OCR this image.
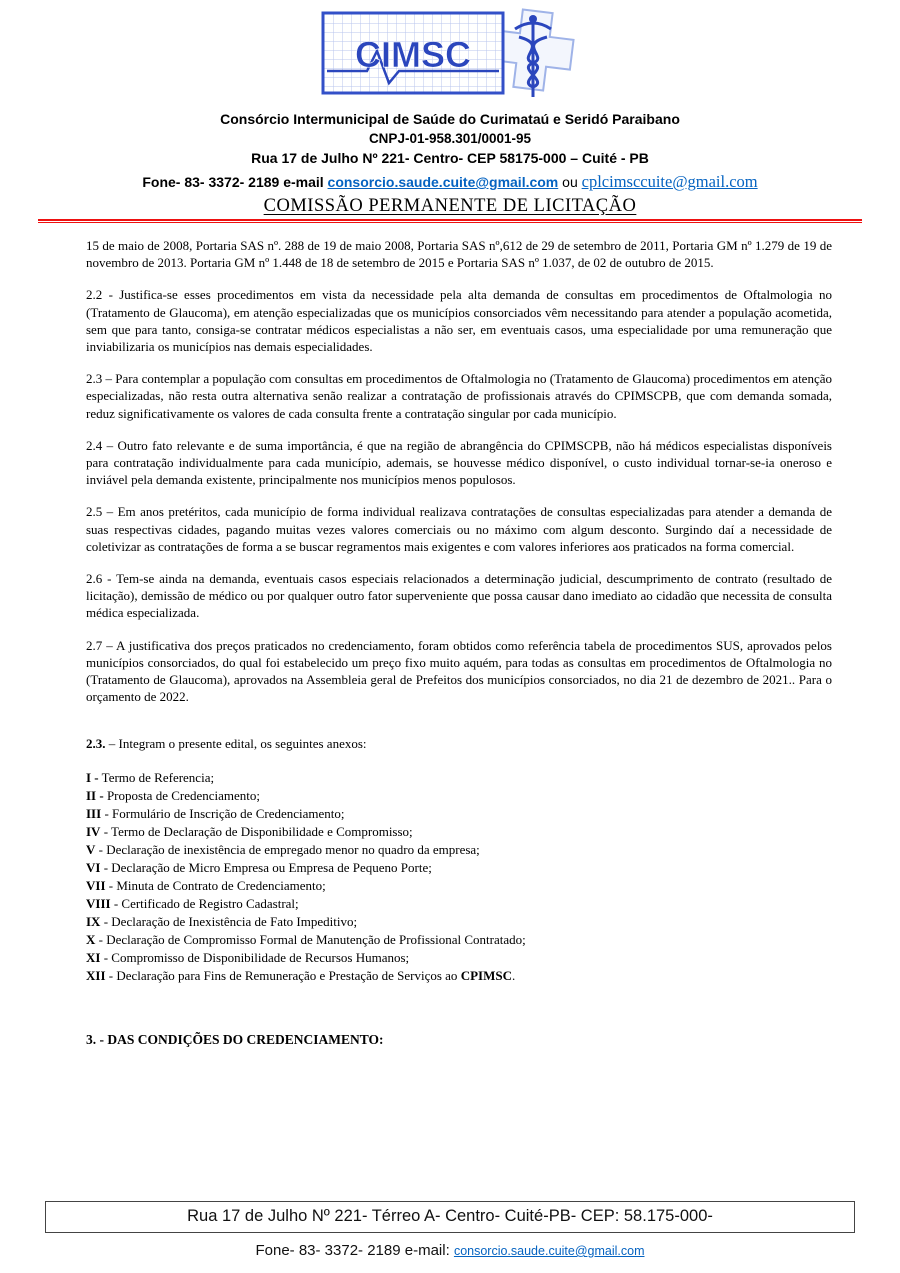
CIMSC
Consórcio Intermunicipal de Saúde do Curimataú e Seridó Paraibano
CNPJ-01-958.301/0001-95
Rua 17 de Julho Nº 221- Centro- CEP 58175-000 – Cuité - PB
Fone- 83- 3372- 2189 e-mail consorcio.saude.cuite@gmail.com ou cplcimsccuite@gmail.com
COMISSÃO PERMANENTE DE LICITAÇÃO

15 de maio de 2008, Portaria SAS nº. 288 de 19 de maio 2008, Portaria SAS nº,612 de 29 de setembro de 2011, Portaria GM nº 1.279 de 19 de novembro de 2013. Portaria GM nº 1.448 de 18 de setembro de 2015 e Portaria SAS nº 1.037, de 02 de outubro de 2015.

2.2 - Justifica-se esses procedimentos em vista da necessidade pela alta demanda de consultas em procedimentos de Oftalmologia no (Tratamento de Glaucoma), em atenção especializadas que os municípios consorciados vêm necessitando para atender a população acometida, sem que para tanto, consiga-se contratar médicos especialistas a não ser, em eventuais casos, uma especialidade por uma remuneração que inviabilizaria os municípios nas demais especialidades.

2.3 – Para contemplar a população com consultas em procedimentos de Oftalmologia no (Tratamento de Glaucoma) procedimentos em atenção especializadas, não resta outra alternativa senão realizar a contratação de profissionais através do CPIMSCPB, que com demanda somada, reduz significativamente os valores de cada consulta frente a contratação singular por cada município.

2.4 – Outro fato relevante e de suma importância, é que na região de abrangência do CPIMSCPB, não há médicos especialistas disponíveis para contratação individualmente para cada município, ademais, se houvesse médico disponível, o custo individual tornar-se-ia oneroso e inviável pela demanda existente, principalmente nos municípios menos populosos.

2.5 – Em anos pretéritos, cada município de forma individual realizava contratações de consultas especializadas para atender a demanda de suas respectivas cidades, pagando muitas vezes valores comerciais ou no máximo com algum desconto. Surgindo daí a necessidade de coletivizar as contratações de forma a se buscar regramentos mais exigentes e com valores inferiores aos praticados na forma comercial.

2.6 - Tem-se ainda na demanda, eventuais casos especiais relacionados a determinação judicial, descumprimento de contrato (resultado de licitação), demissão de médico ou por qualquer outro fator superveniente que possa causar dano imediato ao cidadão que necessita de consulta médica especializada.

2.7 – A justificativa dos preços praticados no credenciamento, foram obtidos como referência tabela de procedimentos SUS, aprovados pelos municípios consorciados, do qual foi estabelecido um preço fixo muito aquém, para todas as consultas em procedimentos de Oftalmologia no (Tratamento de Glaucoma), aprovados na Assembleia geral de Prefeitos dos municípios consorciados, no dia 21 de dezembro de 2021.. Para o orçamento de 2022.

2.3. – Integram o presente edital, os seguintes anexos:

I - Termo de Referencia;
II - Proposta de Credenciamento;
III - Formulário de Inscrição de Credenciamento;
IV - Termo de Declaração de Disponibilidade e Compromisso;
V - Declaração de inexistência de empregado menor no quadro da empresa;
VI - Declaração de Micro Empresa ou Empresa de Pequeno Porte;
VII - Minuta de Contrato de Credenciamento;
VIII - Certificado de Registro Cadastral;
IX - Declaração de Inexistência de Fato Impeditivo;
X - Declaração de Compromisso Formal de Manutenção de Profissional Contratado;
XI - Compromisso de Disponibilidade de Recursos Humanos;
XII - Declaração para Fins de Remuneração e Prestação de Serviços ao CPIMSC.

3. - DAS CONDIÇÕES DO CREDENCIAMENTO:

Rua 17 de Julho Nº 221- Térreo A- Centro- Cuité-PB- CEP: 58.175-000-
Fone- 83- 3372- 2189 e-mail: consorcio.saude.cuite@gmail.com
